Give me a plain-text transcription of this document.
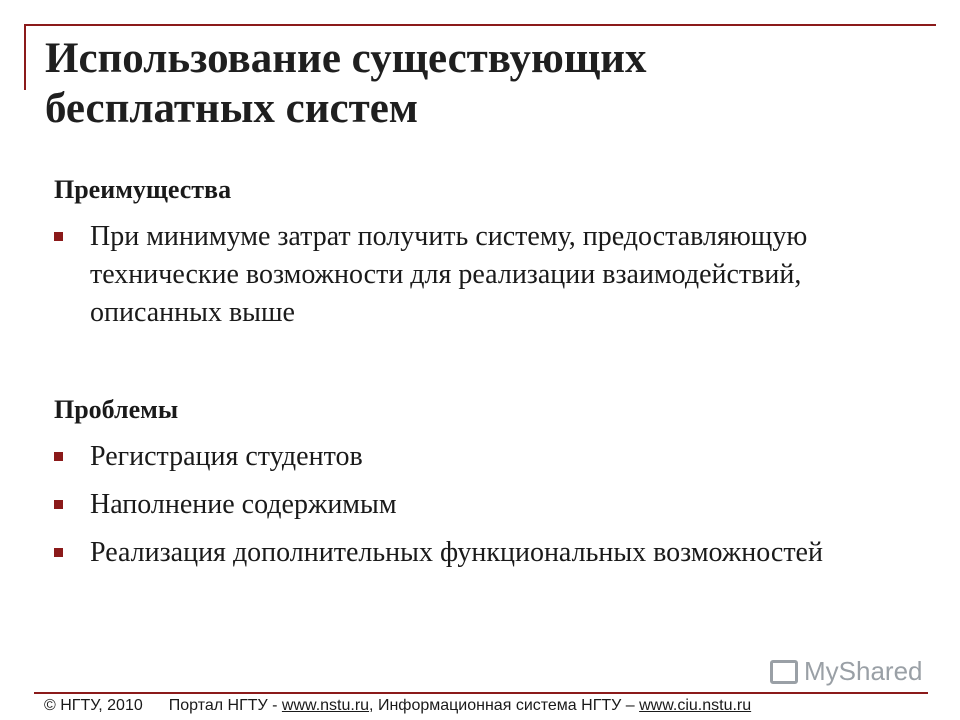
Использование существующих
бесплатных систем
Преимущества
При минимуме затрат получить систему, предоставляющую технические возможности для реализации взаимодействий, описанных выше
Проблемы
Регистрация студентов
Наполнение содержимым
Реализация дополнительных функциональных возможностей
MyShared
© НГТУ, 2010 Портал НГТУ - www.nstu.ru, Информационная система НГТУ – www.ciu.nstu.ru
